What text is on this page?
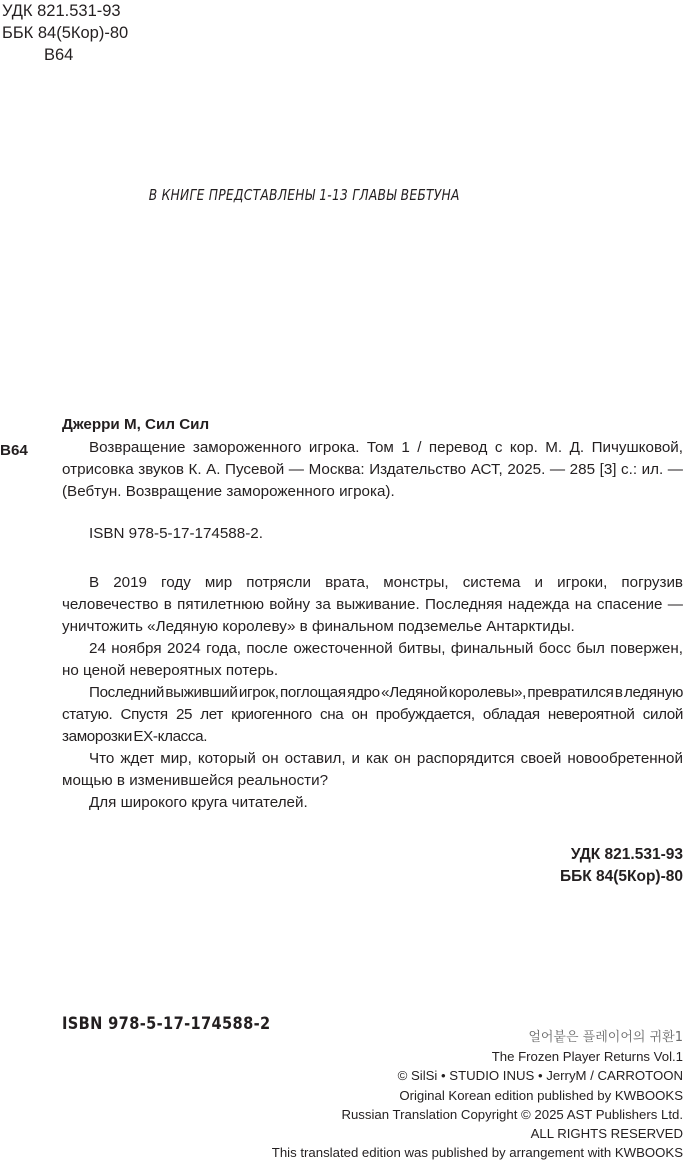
УДК 821.531-93
ББК 84(5Кор)-80
В64
В КНИГЕ ПРЕДСТАВЛЕНЫ 1-13 ГЛАВЫ ВЕБТУНА
Джерри М, Сил Сил
В64	Возвращение замороженного игрока. Том 1 / перевод с кор. М. Д. Пичушковой, отрисовка звуков К. А. Пусевой — Москва: Издательство АСТ, 2025. — 285 [3] с.: ил. — (Вебтун. Возвращение замороженного игрока).
ISBN 978-5-17-174588-2.

В 2019 году мир потрясли врата, монстры, система и игроки, погрузив человечество в пятилетнюю войну за выживание. Последняя надежда на спасение — уничтожить «Ледяную королеву» в финальном подземелье Антарктиды.

24 ноября 2024 года, после ожесточенной битвы, финальный босс был повержен, но ценой невероятных потерь.

Последний выживший игрок, поглощая ядро «Ледяной королевы», превратился в ледяную статую. Спустя 25 лет криогенного сна он пробуждается, обладая невероятной силой заморозки EX-класса.

Что ждет мир, который он оставил, и как он распорядится своей новообретенной мощью в изменившейся реальности?

Для широкого круга читателей.

УДК 821.531-93
ББК 84(5Кор)-80
ISBN 978-5-17-174588-2
얼어붙은 플레이어의 귀환1
The Frozen Player Returns Vol.1
© SilSi • STUDIO INUS • JerryM / CARROTOON
Original Korean edition published by KWBOOKS
Russian Translation Copyright © 2025 AST Publishers Ltd.
ALL RIGHTS RESERVED
This translated edition was published by arrangement with KWBOOKS
